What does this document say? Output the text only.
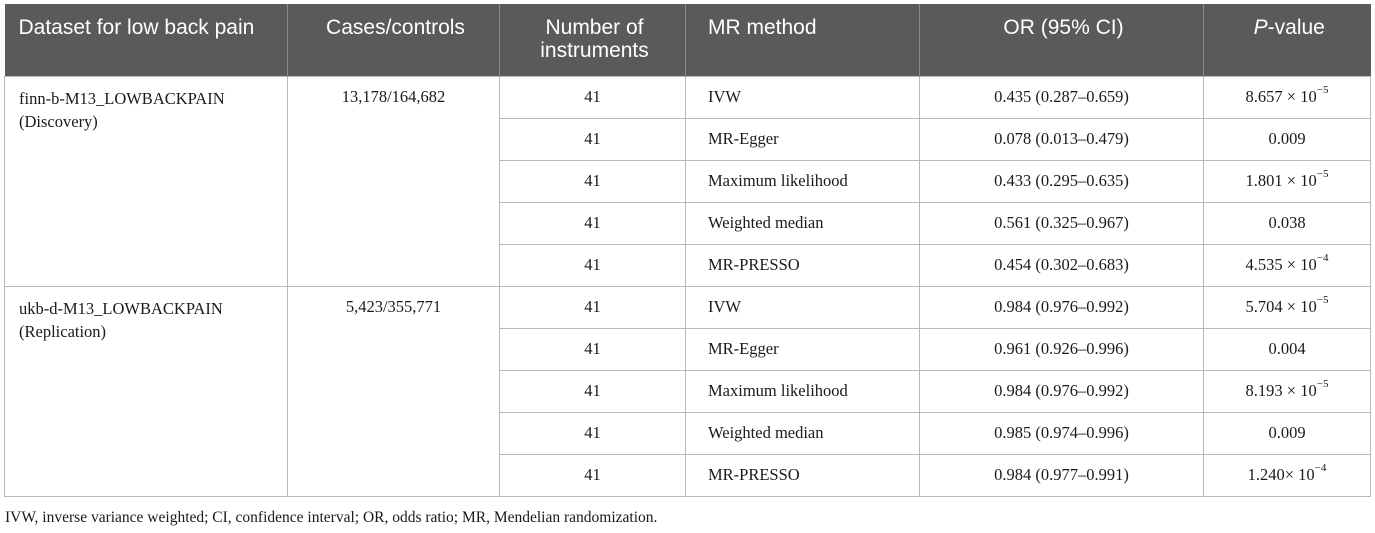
Dataset for low back pain	Cases/controls	Number of instruments	MR method	OR (95% CI)	P-value

finn-b-M13_LOWBACKPAIN
(Discovery)	13,178/164,682	41	IVW	0.435 (0.287–0.659)	$8.657 \times 10^{-5}$
		41	MR-Egger	0.078 (0.013–0.479)	0.009
		41	Maximum likelihood	0.433 (0.295–0.635)	$1.801 \times 10^{-5}$
		41	Weighted median	0.561 (0.325–0.967)	0.038
		41	MR-PRESSO	0.454 (0.302–0.683)	$4.535 \times 10^{-4}$

ukb-d-M13_LOWBACKPAIN
(Replication)	5,423/355,771	41	IVW	0.984 (0.976–0.992)	$5.704 \times 10^{-5}$
		41	MR-Egger	0.961 (0.926–0.996)	0.004
		41	Maximum likelihood	0.984 (0.976–0.992)	$8.193 \times 10^{-5}$
		41	Weighted median	0.985 (0.974–0.996)	0.009
		41	MR-PRESSO	0.984 (0.977–0.991)	$1.240\times 10^{-4}$
IVW, inverse variance weighted; CI, confidence interval; OR, odds ratio; MR, Mendelian randomization.
